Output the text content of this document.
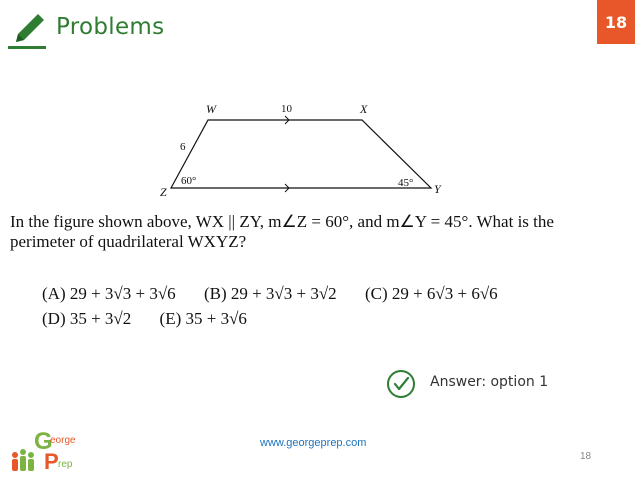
Problems	18
W	X
Y
Z
10
6
60°	45°
In the figure shown above, WX || ZY, m∠Z = 60°, and m∠Y = 45°. What is the
perimeter of quadrilateral WXYZ?
(A) 29 + 3√3 + 3√6 (B) 29 + 3√3 + 3√2 (C) 29 + 6√3 + 6√6
(D) 35 + 3√2 (E) 35 + 3√6
Answer: option 1
G
eorge
P rep
www.georgeprep.com
18
